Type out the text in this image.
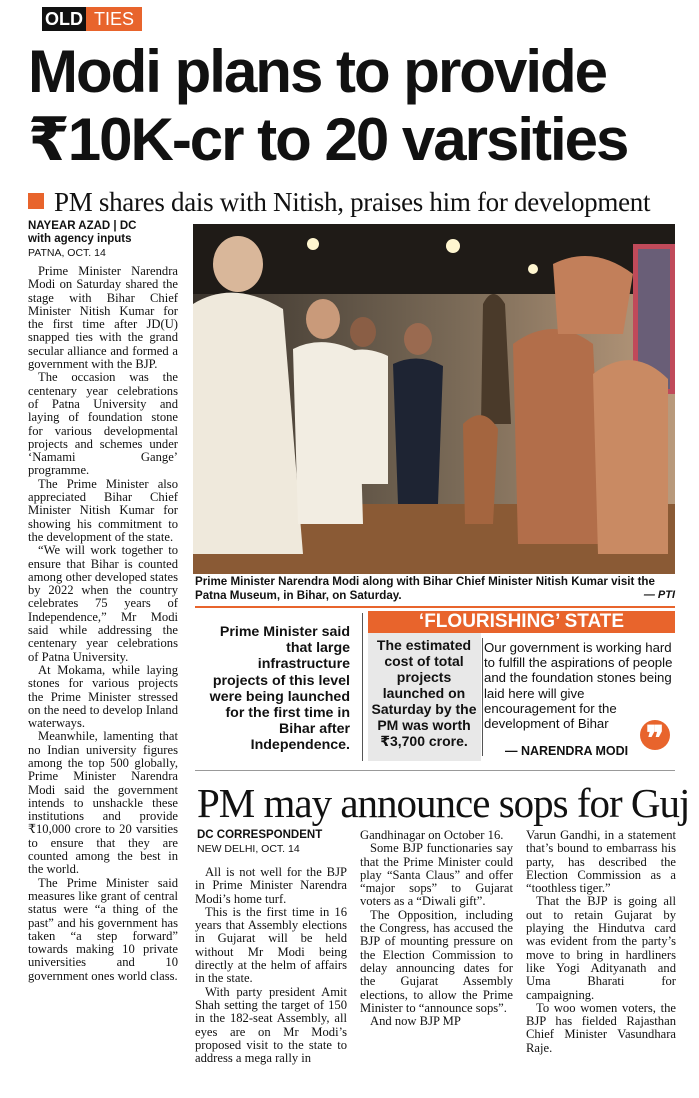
OLD TIES
Modi plans to provide
₹10K-cr to 20 varsities
PM shares dais with Nitish, praises him for development
NAYEAR AZAD | DC
with agency inputs
PATNA, OCT. 14

Prime Minister Narendra Modi on Saturday shared the stage with Bihar Chief Minister Nitish Kumar for the first time after JD(U) snapped ties with the grand secular alliance and formed a government with the BJP.

The occasion was the centenary year celebrations of Patna University and laying of foundation stone for various developmental projects and schemes under ‘Namami Gange’ programme.

The Prime Minister also appreciated Bihar Chief Minister Nitish Kumar for showing his commitment to the development of the state.

“We will work together to ensure that Bihar is counted among other developed states by 2022 when the country celebrates 75 years of Independence,” Mr Modi said while addressing the centenary year celebrations of Patna University.

At Mokama, while laying stones for various projects the Prime Minister stressed on the need to develop Inland waterways.

Meanwhile, lamenting that no Indian university figures among the top 500 globally, Prime Minister Narendra Modi said the government intends to unshackle these institutions and provide ₹10,000 crore to 20 varsities to ensure that they are counted among the best in the world.

The Prime Minister said measures like grant of central status were “a thing of the past” and his government has taken “a step forward” towards making 10 private universities and 10 government ones world class.

Prime Minister Narendra Modi along with Bihar Chief Minister Nitish Kumar visit the Patna Museum, in Bihar, on Saturday.	— PTI
Prime Minister said that large infrastructure projects of this level were being launched for the first time in Bihar after Independence.
‘FLOURISHING’ STATE
The estimated cost of total projects launched on Saturday by the PM was worth ₹3,700 crore.
Our government is working hard to fulfill the aspirations of people and the foundation stones being laid here will give encouragement for the development of Bihar
— NARENDRA MODI ❞
PM may announce sops for Guj
DC CORRESPONDENT
NEW DELHI, OCT. 14

All is not well for the BJP in Prime Minister Narendra Modi’s home turf.

This is the first time in 16 years that Assembly elections in Gujarat will be held without Mr Modi being directly at the helm of affairs in the state.

With party president Amit Shah setting the target of 150 in the 182-seat Assembly, all eyes are on Mr Modi’s proposed visit to the state to address a mega rally in

Gandhinagar on October 16.

Some BJP functionaries say that the Prime Minister could play “Santa Claus” and offer “major sops” to Gujarat voters as a “Diwali gift”.

The Opposition, including the Congress, has accused the BJP of mounting pressure on the Election Commission to delay announcing dates for the Gujarat Assembly elections, to allow the Prime Minister to “announce sops”.

And now BJP MP

Varun Gandhi, in a statement that’s bound to embarrass his party, has described the Election Commission as a “toothless tiger.”

That the BJP is going all out to retain Gujarat by playing the Hindutva card was evident from the party’s move to bring in hardliners like Yogi Adityanath and Uma Bharati for campaigning.

To woo women voters, the BJP has fielded Rajasthan Chief Minister Vasundhara Raje.
